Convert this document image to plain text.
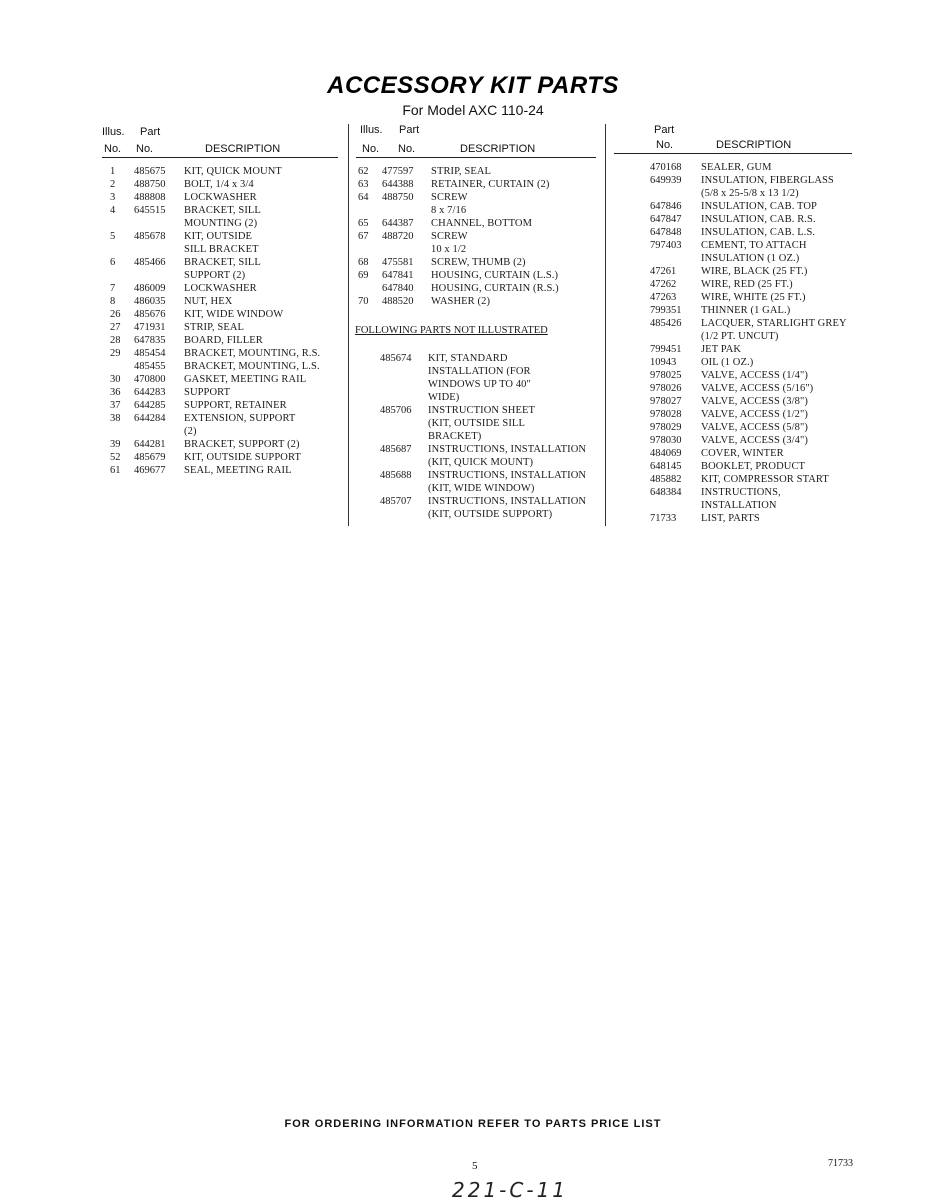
ACCESSORY KIT PARTS
For Model AXC 110-24
Illus. Part
No. No.	DESCRIPTION
Illus. Part
No. No.	DESCRIPTION
Part
No.	DESCRIPTION
1 485675 KIT, QUICK MOUNT
2 488750 BOLT, 1/4 x 3/4
3 488808 LOCKWASHER
4 645515 BRACKET, SILL
MOUNTING (2)
5 485678 KIT, OUTSIDE
SILL BRACKET
6 485466 BRACKET, SILL
SUPPORT (2)
7 486009 LOCKWASHER
8 486035 NUT, HEX
26 485676 KIT, WIDE WINDOW
27 471931 STRIP, SEAL
28 647835 BOARD, FILLER
29 485454 BRACKET, MOUNTING, R.S.
485455 BRACKET, MOUNTING, L.S.
30 470800 GASKET, MEETING RAIL
36 644283 SUPPORT
37 644285 SUPPORT, RETAINER
38 644284 EXTENSION, SUPPORT
(2)
39 644281 BRACKET, SUPPORT (2)
52 485679 KIT, OUTSIDE SUPPORT
61 469677 SEAL, MEETING RAIL
62 477597 STRIP, SEAL
63 644388 RETAINER, CURTAIN (2)
64 488750 SCREW
8 x 7/16
65 644387 CHANNEL, BOTTOM
67 488720 SCREW
10 x 1/2
68 475581 SCREW, THUMB (2)
69 647841 HOUSING, CURTAIN (L.S.)
647840 HOUSING, CURTAIN (R.S.)
70 488520 WASHER (2)
FOLLOWING PARTS NOT ILLUSTRATED
485674 KIT, STANDARD
INSTALLATION (FOR
WINDOWS UP TO 40"
WIDE)
485706 INSTRUCTION SHEET
(KIT, OUTSIDE SILL
BRACKET)
485687 INSTRUCTIONS, INSTALLATION
(KIT, QUICK MOUNT)
485688 INSTRUCTIONS, INSTALLATION
(KIT, WIDE WINDOW)
485707 INSTRUCTIONS, INSTALLATION
(KIT, OUTSIDE SUPPORT)
470168 SEALER, GUM
649939 INSULATION, FIBERGLASS
(5/8 x 25-5/8 x 13 1/2)
647846 INSULATION, CAB. TOP
647847 INSULATION, CAB. R.S.
647848 INSULATION, CAB. L.S.
797403 CEMENT, TO ATTACH
INSULATION (1 OZ.)
47261 WIRE, BLACK (25 FT.)
47262 WIRE, RED (25 FT.)
47263 WIRE, WHITE (25 FT.)
799351 THINNER (1 GAL.)
485426 LACQUER, STARLIGHT GREY
(1/2 PT. UNCUT)
799451 JET PAK
10943 OIL (1 OZ.)
978025 VALVE, ACCESS (1/4")
978026 VALVE, ACCESS (5/16")
978027 VALVE, ACCESS (3/8")
978028 VALVE, ACCESS (1/2")
978029 VALVE, ACCESS (5/8")
978030 VALVE, ACCESS (3/4")
484069 COVER, WINTER
648145 BOOKLET, PRODUCT
485882 KIT, COMPRESSOR START
648384 INSTRUCTIONS,
INSTALLATION
71733 LIST, PARTS
FOR ORDERING INFORMATION REFER TO PARTS PRICE LIST
5	71733
221-C-11
